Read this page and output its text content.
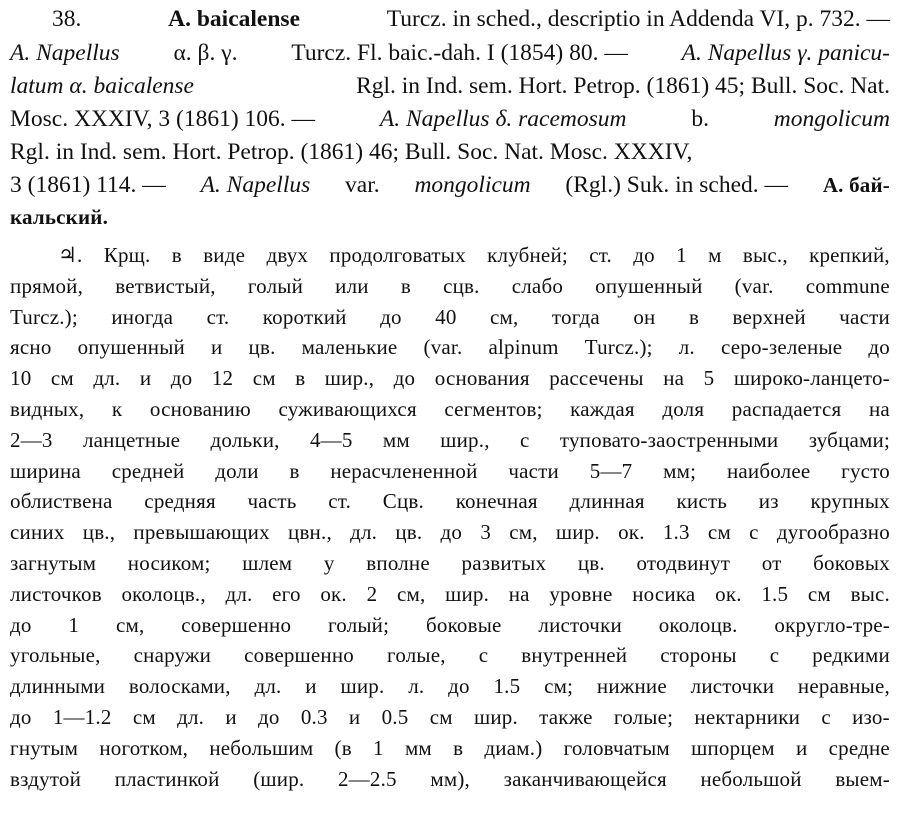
38.	A. baicalense	Turcz. in sched., descriptio in Addenda VI, p. 732. —
A. Napellus α. β. γ. Turcz. Fl. baic.-dah. I (1854) 80. — A. Napellus γ. panicu-
latum α. baicalense	Rgl. in Ind. sem. Hort. Petrop. (1861) 45; Bull. Soc. Nat.
Mosc. XXXIV, 3 (1861) 106. —	A. Napellus δ. racemosum	b.	mongolicum
Rgl. in Ind. sem. Hort. Petrop. (1861) 46; Bull. Soc. Nat. Mosc. XXXIV,
3 (1861) 114. — A. Napellus var. mongolicum (Rgl.) Suk. in sched. — А. бай-
кальский.
♃. Крщ. в виде двух продолговатых клубней; ст. до 1 м выс., крепкий,
прямой, ветвистый, голый или в сцв. слабо опушенный (var. commune
Turcz.); иногда ст. короткий до 40 см, тогда он в верхней части
ясно опушенный и цв. маленькие (var. alpinum Turcz.); л. серо-зеленые до
10 см дл. и до 12 см в шир., до основания рассечены на 5 широко-ланцето-
видных, к основанию суживающихся сегментов; каждая доля распадается на
2—3 ланцетные дольки, 4—5 мм шир., с туповато-заостренными зубцами;
ширина средней доли в нерасчлененной части 5—7 мм; наиболее густо
облиствена средняя часть ст. Сцв. конечная длинная кисть из крупных
синих цв., превышающих цвн., дл. цв. до 3 см, шир. ок. 1.3 см с дугообразно
загнутым носиком; шлем у вполне развитых цв. отодвинут от боковых
листочков околоцв., дл. его ок. 2 см, шир. на уровне носика ок. 1.5 см выс.
до 1 см, совершенно голый; боковые листочки околоцв. округло-тре-
угольные, снаружи совершенно голые, с внутренней стороны с редкими
длинными волосками, дл. и шир. л. до 1.5 см; нижние листочки неравные,
до 1—1.2 см дл. и до 0.3 и 0.5 см шир. также голые; нектарники с изо-
гнутым ноготком, небольшим (в 1 мм в диам.) головчатым шпорцем и средне
вздутой пластинкой (шир. 2—2.5 мм), заканчивающейся небольшой выем-
